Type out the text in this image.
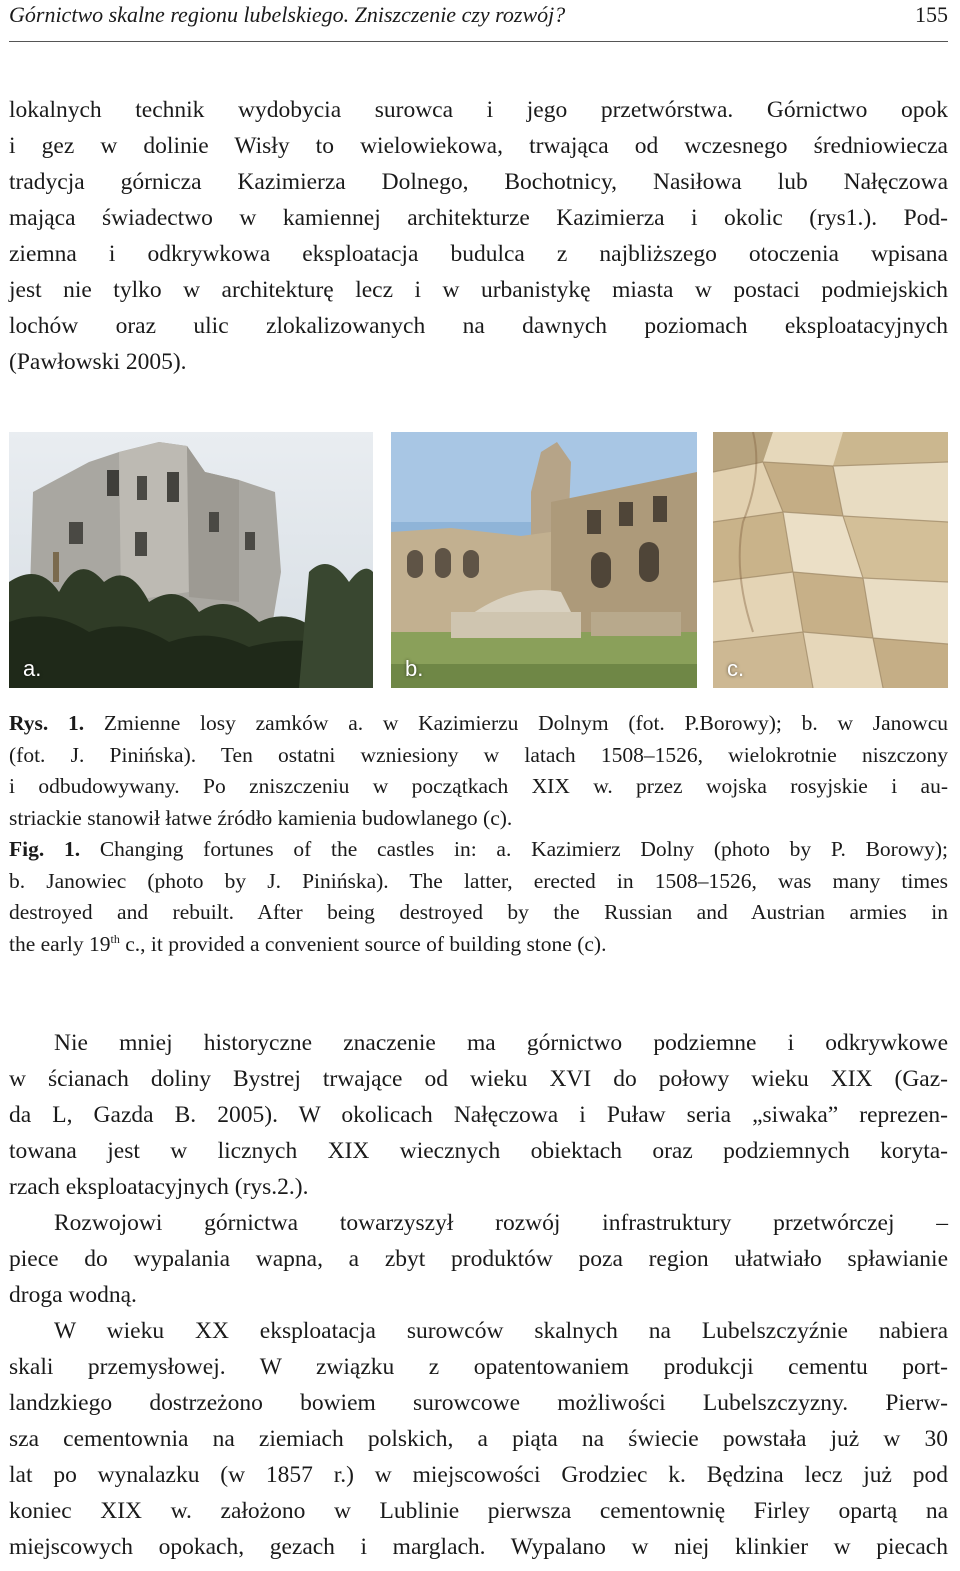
Górnictwo skalne regionu lubelskiego. Zniszczenie czy rozwój?	155
lokalnych technik wydobycia surowca i jego przetwórstwa. Górnictwo opok
i gez w dolinie Wisły to wielowiekowa, trwająca od wczesnego średniowiecza
tradycja górnicza Kazimierza Dolnego, Bochotnicy, Nasiłowa lub Nałęczowa
mająca świadectwo w kamiennej architekturze Kazimierza i okolic (rys1.). Pod-
ziemna i odkrywkowa eksploatacja budulca z najbliższego otoczenia wpisana
jest nie tylko w architekturę lecz i w urbanistykę miasta w postaci podmiejskich
lochów oraz ulic zlokalizowanych na dawnych poziomach eksploatacyjnych
(Pawłowski 2005).
a.	b.	c.
Rys. 1. Zmienne losy zamków a. w Kazimierzu Dolnym (fot. P.Borowy); b. w Janowcu
(fot. J. Pinińska). Ten ostatni wzniesiony w latach 1508–1526, wielokrotnie niszczony
i odbudowywany. Po zniszczeniu w początkach XIX w. przez wojska rosyjskie i au-
striackie stanowił łatwe źródło kamienia budowlanego (c).
Fig. 1. Changing fortunes of the castles in: a. Kazimierz Dolny (photo by P. Borowy);
b. Janowiec (photo by J. Pinińska). The latter, erected in 1508–1526, was many times
destroyed and rebuilt. After being destroyed by the Russian and Austrian armies in
the early 19th c., it provided a convenient source of building stone (c).
Nie mniej historyczne znaczenie ma górnictwo podziemne i odkrywkowe
w ścianach doliny Bystrej trwające od wieku XVI do połowy wieku XIX (Gaz-
da L, Gazda B. 2005). W okolicach Nałęczowa i Puław seria „siwaka” reprezen-
towana jest w licznych XIX wiecznych obiektach oraz podziemnych koryta-
rzach eksploatacyjnych (rys.2.).
Rozwojowi górnictwa towarzyszył rozwój infrastruktury przetwórczej –
piece do wypalania wapna, a zbyt produktów poza region ułatwiało spławianie
droga wodną.
W wieku XX eksploatacja surowców skalnych na Lubelszczyźnie nabiera
skali przemysłowej. W związku z opatentowaniem produkcji cementu port-
landzkiego dostrzeżono bowiem surowcowe możliwości Lubelszczyzny. Pierw-
sza cementownia na ziemiach polskich, a piąta na świecie powstała już w 30
lat po wynalazku (w 1857 r.) w miejscowości Grodziec k. Będzina lecz już pod
koniec XIX w. założono w Lublinie pierwsza cementownię Firley opartą na
miejscowych opokach, gezach i marglach. Wypalano w niej klinkier w piecach
